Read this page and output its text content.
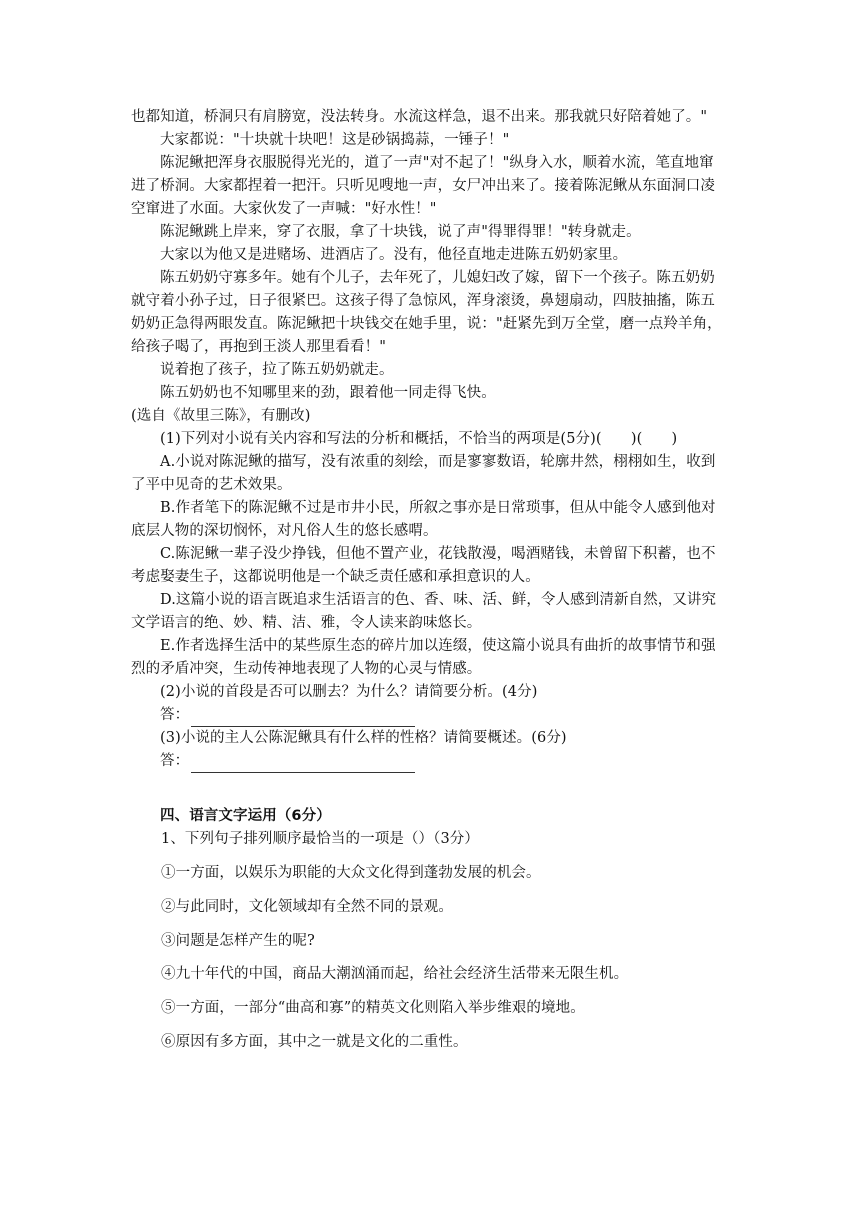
也都知道，桥洞只有肩膀宽，没法转身。水流这样急，退不出来。那我就只好陪着她了。"
大家都说："十块就十块吧！这是砂锅捣蒜，一锤子！"
陈泥鳅把浑身衣服脱得光光的，道了一声"对不起了！"纵身入水，顺着水流，笔直地窜
进了桥洞。大家都捏着一把汗。只听见嗖地一声，女尸冲出来了。接着陈泥鳅从东面洞口凌
空窜进了水面。大家伙发了一声喊："好水性！"
陈泥鳅跳上岸来，穿了衣服，拿了十块钱，说了声"得罪得罪！"转身就走。
大家以为他又是进赌场、进酒店了。没有，他径直地走进陈五奶奶家里。
陈五奶奶守寡多年。她有个儿子，去年死了，儿媳妇改了嫁，留下一个孩子。陈五奶奶
就守着小孙子过，日子很紧巴。这孩子得了急惊风，浑身滚烫，鼻翅扇动，四肢抽搐，陈五
奶奶正急得两眼发直。陈泥鳅把十块钱交在她手里，说："赶紧先到万全堂，磨一点羚羊角，
给孩子喝了，再抱到王淡人那里看看！"
说着抱了孩子，拉了陈五奶奶就走。
陈五奶奶也不知哪里来的劲，跟着他一同走得飞快。
(选自《故里三陈》，有删改)
(1)下列对小说有关内容和写法的分析和概括，不恰当的两项是(5分)(　　)(　　)
A.小说对陈泥鳅的描写，没有浓重的刻绘，而是寥寥数语，轮廓井然，栩栩如生，收到
了平中见奇的艺术效果。
B.作者笔下的陈泥鳅不过是市井小民，所叙之事亦是日常琐事，但从中能令人感到他对
底层人物的深切悯怀，对凡俗人生的悠长感喟。
C.陈泥鳅一辈子没少挣钱，但他不置产业，花钱散漫，喝酒赌钱，未曾留下积蓄，也不
考虑娶妻生子，这都说明他是一个缺乏责任感和承担意识的人。
D.这篇小说的语言既追求生活语言的色、香、味、活、鲜，令人感到清新自然，又讲究
文学语言的绝、妙、精、洁、雅，令人读来韵味悠长。
E.作者选择生活中的某些原生态的碎片加以连缀，使这篇小说具有曲折的故事情节和强
烈的矛盾冲突，生动传神地表现了人物的心灵与情感。
(2)小说的首段是否可以删去？为什么？请简要分析。(4分)
答：
(3)小说的主人公陈泥鳅具有什么样的性格？请简要概述。(6分)
答：
四、语言文字运用（6分）
1、下列句子排列顺序最恰当的一项是（）（3分）
①一方面，以娱乐为职能的大众文化得到蓬勃发展的机会。
②与此同时，文化领域却有全然不同的景观。
③问题是怎样产生的呢?
④九十年代的中国，商品大潮汹涌而起，给社会经济生活带来无限生机。
⑤一方面，一部分“曲高和寡”的精英文化则陷入举步维艰的境地。
⑥原因有多方面，其中之一就是文化的二重性。
